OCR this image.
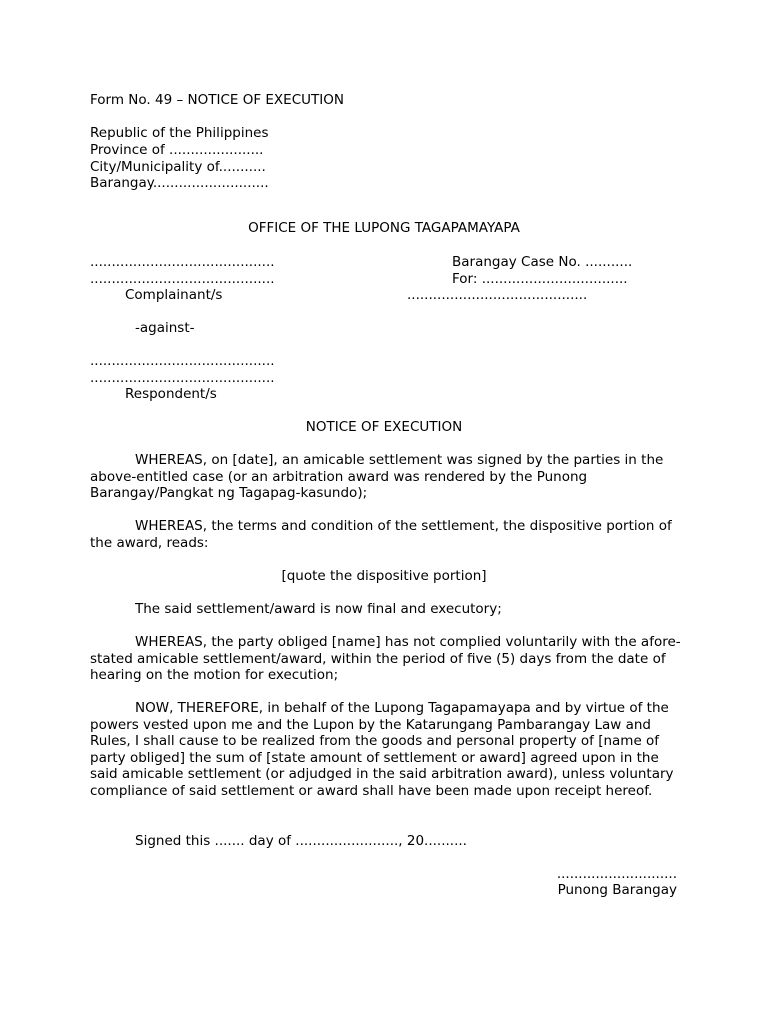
Form No. 49 – NOTICE OF EXECUTION
Republic of the Philippines
Province of ......................
City/Municipality of...........
Barangay...........................
OFFICE OF THE LUPONG TAGAPAMAYAPA
...........................................
...........................................
Complainant/s
Barangay Case No. ...........
For: ..................................
..........................................
-against-
...........................................
...........................................
Respondent/s
NOTICE OF EXECUTION
WHEREAS, on [date], an amicable settlement was signed by the parties in the above-entitled case (or an arbitration award was rendered by the Punong Barangay/Pangkat ng Tagapag-kasundo);
WHEREAS, the terms and condition of the settlement, the dispositive portion of the award, reads:
[quote the dispositive portion]
The said settlement/award is now final and executory;
WHEREAS, the party obliged [name] has not complied voluntarily with the afore-stated amicable settlement/award, within the period of five (5) days from the date of hearing on the motion for execution;
NOW, THEREFORE, in behalf of the Lupong Tagapamayapa and by virtue of the powers vested upon me and the Lupon by the Katarungang Pambarangay Law and Rules, I shall cause to be realized from the goods and personal property of [name of party obliged] the sum of [state amount of settlement or award] agreed upon in the said amicable settlement (or adjudged in the said arbitration award), unless voluntary compliance of said settlement or award shall have been made upon receipt hereof.
Signed this ....... day of ........................, 20..........
............................
Punong Barangay
